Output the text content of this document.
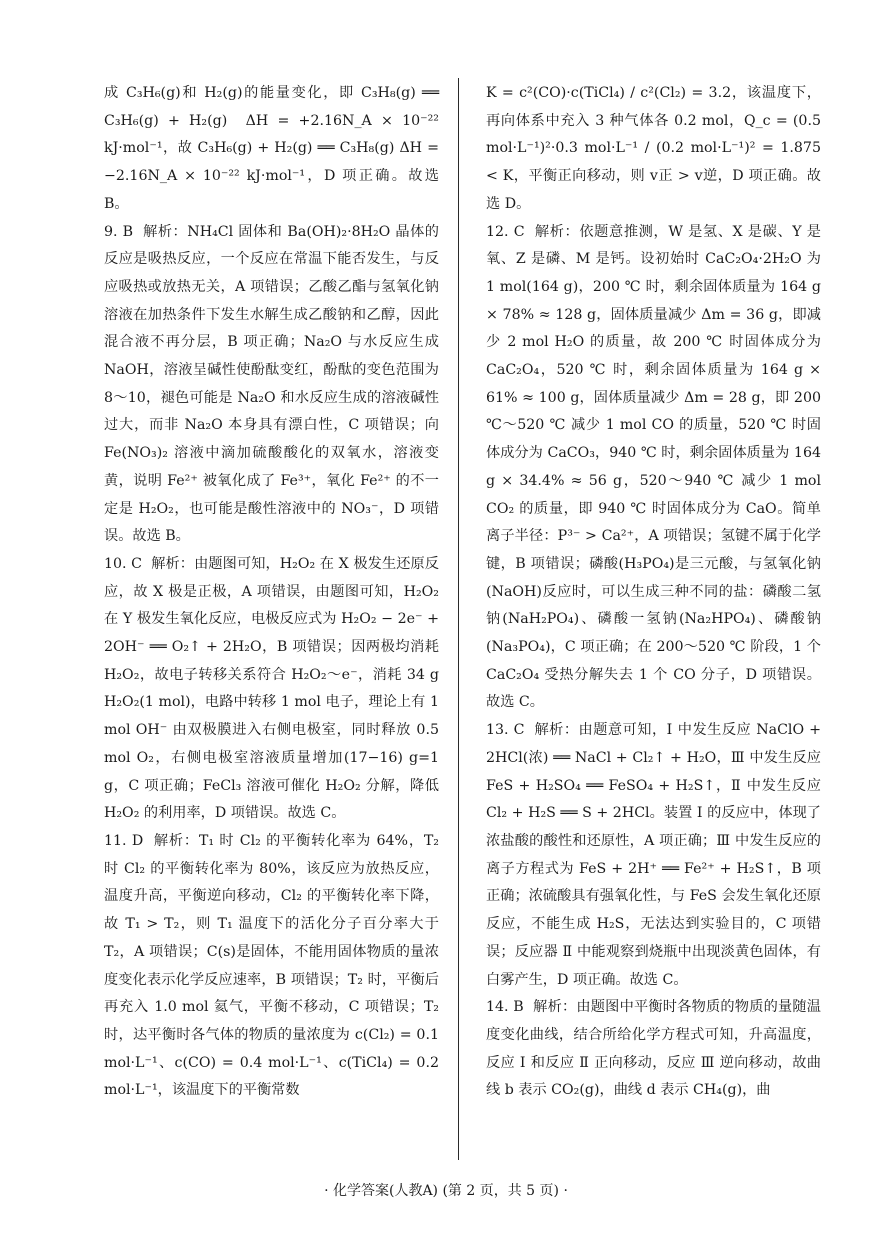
成 C₃H₆(g)和 H₂(g)的能量变化，即 C₃H₈(g) ══ C₃H₆(g) + H₂(g)  ΔH = +2.16N_A × 10⁻²² kJ·mol⁻¹，故 C₃H₆(g) + H₂(g) ══ C₃H₈(g) ΔH = −2.16N_A × 10⁻²² kJ·mol⁻¹，D 项正确。故选 B。

9. B  解析：NH₄Cl 固体和 Ba(OH)₂·8H₂O 晶体的反应是吸热反应，一个反应在常温下能否发生，与反应吸热或放热无关，A 项错误；乙酸乙酯与氢氧化钠溶液在加热条件下发生水解生成乙酸钠和乙醇，因此混合液不再分层，B 项正确；Na₂O 与水反应生成 NaOH，溶液呈碱性使酚酞变红，酚酞的变色范围为 8～10，褪色可能是 Na₂O 和水反应生成的溶液碱性过大，而非 Na₂O 本身具有漂白性，C 项错误；向 Fe(NO₃)₂ 溶液中滴加硫酸酸化的双氧水，溶液变黄，说明 Fe²⁺ 被氧化成了 Fe³⁺，氧化 Fe²⁺ 的不一定是 H₂O₂，也可能是酸性溶液中的 NO₃⁻，D 项错误。故选 B。

10. C  解析：由题图可知，H₂O₂ 在 X 极发生还原反应，故 X 极是正极，A 项错误，由题图可知，H₂O₂ 在 Y 极发生氧化反应，电极反应式为 H₂O₂ − 2e⁻ + 2OH⁻ ══ O₂↑ + 2H₂O，B 项错误；因两极均消耗 H₂O₂，故电子转移关系符合 H₂O₂～e⁻，消耗 34 g H₂O₂(1 mol)，电路中转移 1 mol 电子，理论上有 1 mol OH⁻ 由双极膜进入右侧电极室，同时释放 0.5 mol O₂，右侧电极室溶液质量增加(17−16) g=1 g，C 项正确；FeCl₃ 溶液可催化 H₂O₂ 分解，降低 H₂O₂ 的利用率，D 项错误。故选 C。

11. D  解析：T₁ 时 Cl₂ 的平衡转化率为 64%，T₂ 时 Cl₂ 的平衡转化率为 80%，该反应为放热反应，温度升高，平衡逆向移动，Cl₂ 的平衡转化率下降，故 T₁ > T₂，则 T₁ 温度下的活化分子百分率大于 T₂，A 项错误；C(s)是固体，不能用固体物质的量浓度变化表示化学反应速率，B 项错误；T₂ 时，平衡后再充入 1.0 mol 氦气，平衡不移动，C 项错误；T₂ 时，达平衡时各气体的物质的量浓度为 c(Cl₂) = 0.1 mol·L⁻¹、c(CO) = 0.4 mol·L⁻¹、c(TiCl₄) = 0.2 mol·L⁻¹，该温度下的平衡常数

K = c²(CO)·c(TiCl₄) / c²(Cl₂) = 3.2，该温度下，再向体系中充入 3 种气体各 0.2 mol，Q_c = (0.5 mol·L⁻¹)²·0.3 mol·L⁻¹ / (0.2 mol·L⁻¹)² = 1.875 < K，平衡正向移动，则 v正 > v逆，D 项正确。故选 D。

12. C  解析：依题意推测，W 是氢、X 是碳、Y 是氧、Z 是磷、M 是钙。设初始时 CaC₂O₄·2H₂O 为 1 mol(164 g)，200 ℃ 时，剩余固体质量为 164 g × 78% ≈ 128 g，固体质量减少 Δm = 36 g，即减少 2 mol H₂O 的质量，故 200 ℃ 时固体成分为 CaC₂O₄，520 ℃ 时，剩余固体质量为 164 g × 61% ≈ 100 g，固体质量减少 Δm = 28 g，即 200 ℃～520 ℃ 减少 1 mol CO 的质量，520 ℃ 时固体成分为 CaCO₃，940 ℃ 时，剩余固体质量为 164 g × 34.4% ≈ 56 g，520～940 ℃ 减少 1 mol CO₂ 的质量，即 940 ℃ 时固体成分为 CaO。简单离子半径：P³⁻ > Ca²⁺，A 项错误；氢键不属于化学键，B 项错误；磷酸(H₃PO₄)是三元酸，与氢氧化钠(NaOH)反应时，可以生成三种不同的盐：磷酸二氢钠(NaH₂PO₄)、磷酸一氢钠(Na₂HPO₄)、磷酸钠(Na₃PO₄)，C 项正确；在 200～520 ℃ 阶段，1 个 CaC₂O₄ 受热分解失去 1 个 CO 分子，D 项错误。故选 C。

13. C  解析：由题意可知，Ⅰ 中发生反应 NaClO + 2HCl(浓) ══ NaCl + Cl₂↑ + H₂O，Ⅲ 中发生反应 FeS + H₂SO₄ ══ FeSO₄ + H₂S↑，Ⅱ 中发生反应 Cl₂ + H₂S ══ S + 2HCl。装置 Ⅰ 的反应中，体现了浓盐酸的酸性和还原性，A 项正确；Ⅲ 中发生反应的离子方程式为 FeS + 2H⁺ ══ Fe²⁺ + H₂S↑，B 项正确；浓硫酸具有强氧化性，与 FeS 会发生氧化还原反应，不能生成 H₂S，无法达到实验目的，C 项错误；反应器 Ⅱ 中能观察到烧瓶中出现淡黄色固体，有白雾产生，D 项正确。故选 C。

14. B  解析：由题图中平衡时各物质的物质的量随温度变化曲线，结合所给化学方程式可知，升高温度，反应 Ⅰ 和反应 Ⅱ 正向移动，反应 Ⅲ 逆向移动，故曲线 b 表示 CO₂(g)，曲线 d 表示 CH₄(g)，曲

· 化学答案(人教A) (第 2 页，共 5 页) ·
